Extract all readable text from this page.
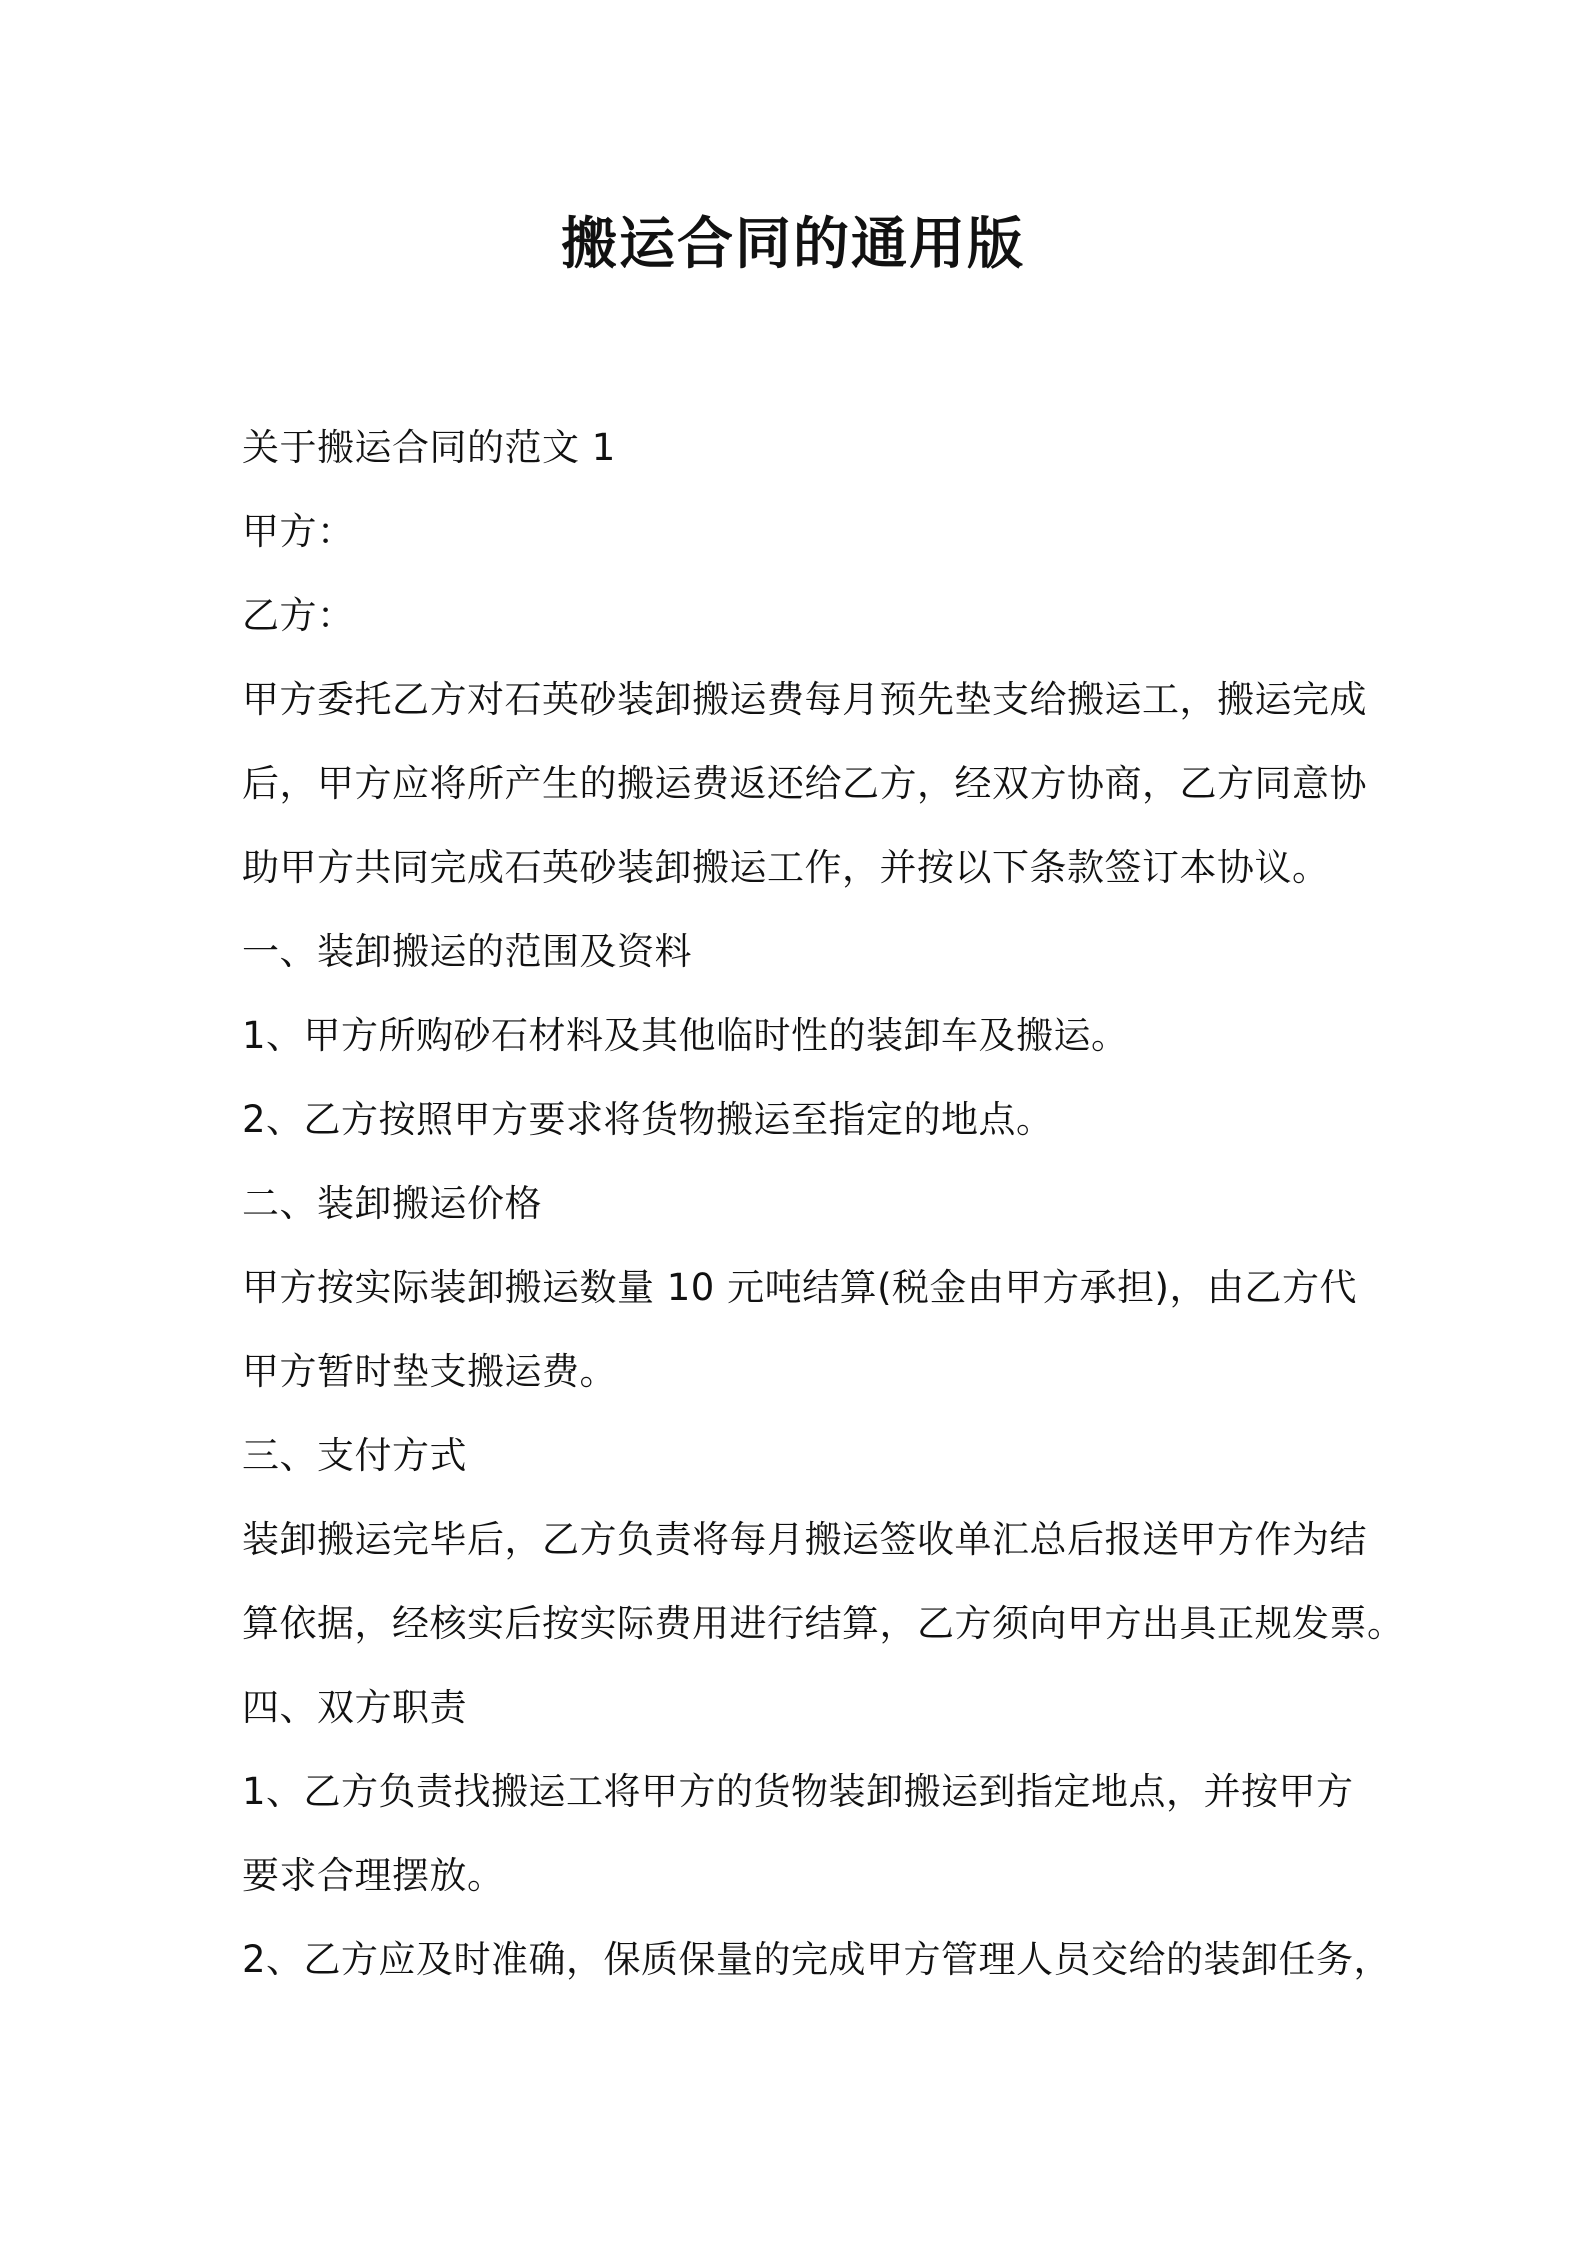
搬运合同的通用版
关于搬运合同的范文 1
甲方：
乙方：
甲方委托乙方对石英砂装卸搬运费每月预先垫支给搬运工，搬运完成
后，甲方应将所产生的搬运费返还给乙方，经双方协商，乙方同意协
助甲方共同完成石英砂装卸搬运工作，并按以下条款签订本协议。
一、装卸搬运的范围及资料
1、甲方所购砂石材料及其他临时性的装卸车及搬运。
2、乙方按照甲方要求将货物搬运至指定的地点。
二、装卸搬运价格
甲方按实际装卸搬运数量 10 元吨结算(税金由甲方承担)，由乙方代
甲方暂时垫支搬运费。
三、支付方式
装卸搬运完毕后，乙方负责将每月搬运签收单汇总后报送甲方作为结
算依据，经核实后按实际费用进行结算，乙方须向甲方出具正规发票。
四、双方职责
1、乙方负责找搬运工将甲方的货物装卸搬运到指定地点，并按甲方
要求合理摆放。
2、乙方应及时准确，保质保量的完成甲方管理人员交给的装卸任务，
